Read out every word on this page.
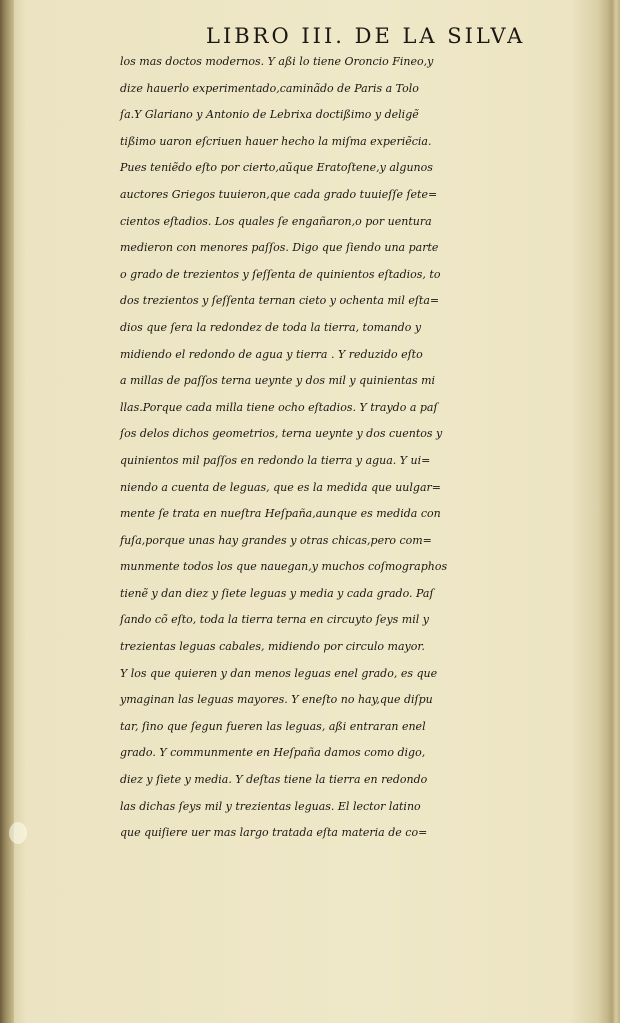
LIBRO III. DE LA SILVA
los mas doctos modernos. Y aßi lo tiene Oroncio Fineo,y
dize hauerlo experimentado,caminãdo de Paris a Tolo
ſa.Y Glariano y Antonio de Lebrixa doctißimo y deligẽ
tißimo uaron eſcriuen hauer hecho la miſma experiẽcia.
Pues teniẽdo eſto por cierto,aũque Eratoſtene,y algunos
auctores Griegos tuuieron,que cada grado tuuieſſe ſete=
cientos eſtadios. Los quales ſe engañaron,o por uentura
medieron con menores paſſos. Digo que ſiendo una parte
o grado de trezientos y ſeſſenta de quinientos eſtadios, to
dos trezientos y ſeſſenta ternan cieto y ochenta mil eſta=
dios que ſera la redondez de toda la tierra, tomando y
midiendo el redondo de agua y tierra . Y reduzido eſto
a millas de paſſos terna ueynte y dos mil y quinientas mi
llas.Porque cada milla tiene ocho eſtadios. Y traydo a paſ
ſos delos dichos geometrios, terna ueynte y dos cuentos y
quinientos mil paſſos en redondo la tierra y agua. Y ui=
niendo a cuenta de leguas, que es la medida que uulgar=
mente ſe trata en nueſtra Heſpaña,aunque es medida con
fuſa,porque unas hay grandes y otras chicas,pero com=
munmente todos los que nauegan,y muchos coſmographos
tienẽ y dan diez y ſiete leguas y media y cada grado. Paſ
ſando cõ eſto, toda la tierra terna en circuyto ſeys mil y
trezientas leguas cabales, midiendo por circulo mayor.
Y los que quieren y dan menos leguas enel grado, es que
ymaginan las leguas mayores. Y eneſto no hay,que diſpu
tar, ſino que ſegun fueren las leguas, aßi entraran enel
grado. Y communmente en Heſpaña damos como digo,
diez y ſiete y media. Y deſtas tiene la tierra en redondo
las dichas ſeys mil y trezientas leguas. El lector latino
que quiſiere uer mas largo tratada eſta materia de co=
